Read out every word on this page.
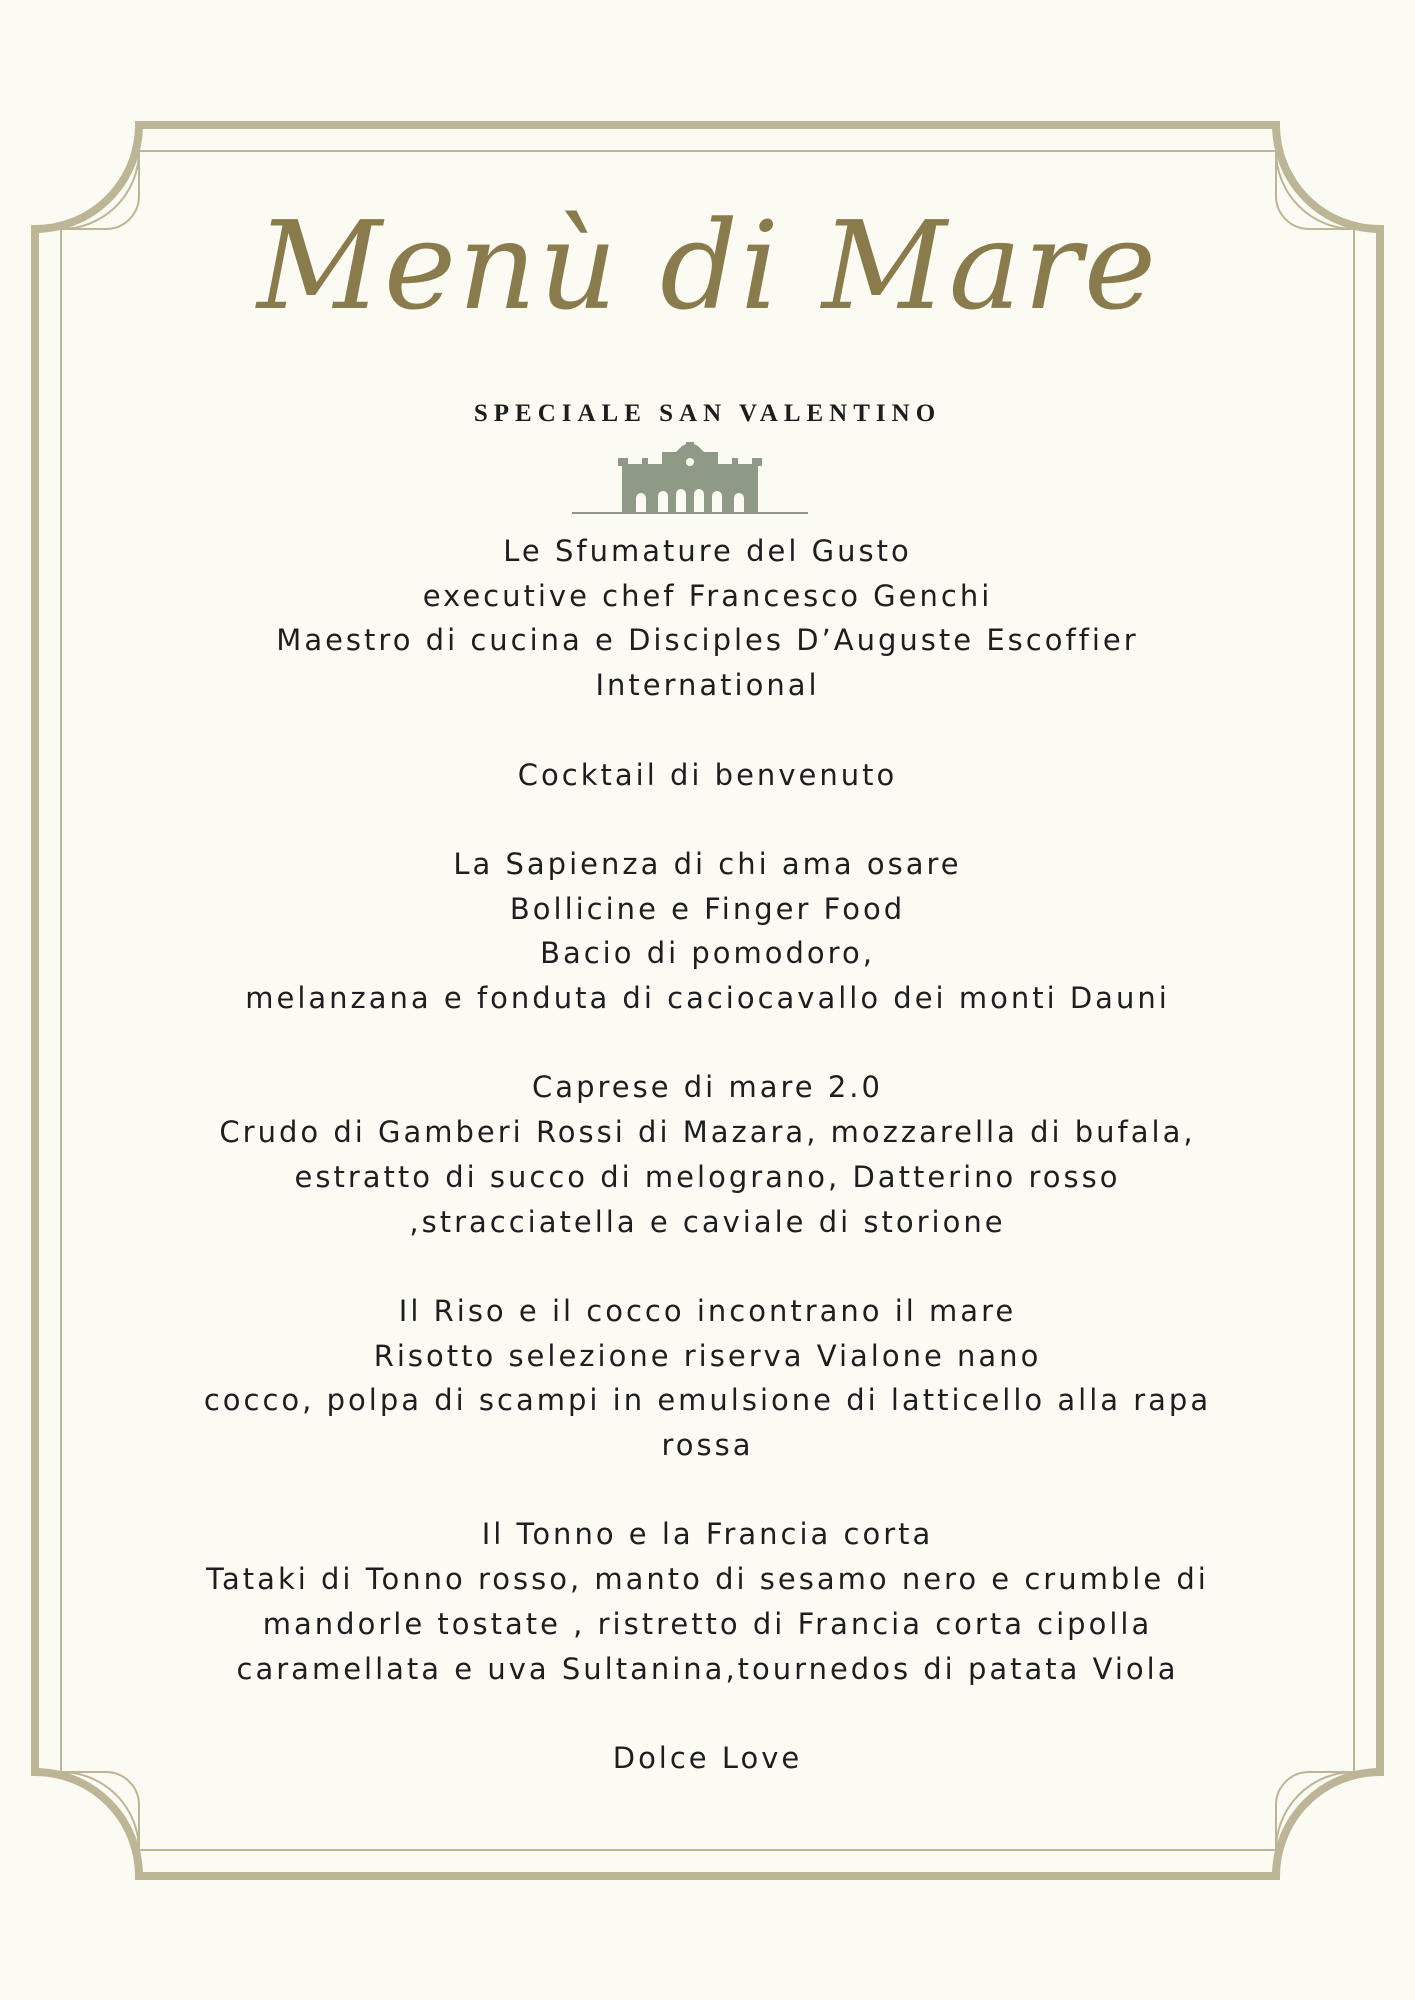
Menù di Mare
SPECIALE SAN VALENTINO
Le Sfumature del Gusto
executive chef Francesco Genchi
Maestro di cucina e Disciples D’Auguste Escoffier
International
Cocktail di benvenuto
La Sapienza di chi ama osare
Bollicine e Finger Food
Bacio di pomodoro,
melanzana e fonduta di caciocavallo dei monti Dauni
Caprese di mare 2.0
Crudo di Gamberi Rossi di Mazara, mozzarella di bufala,
estratto di succo di melograno, Datterino rosso
,stracciatella e caviale di storione
Il Riso e il cocco incontrano il mare
Risotto selezione riserva Vialone nano
cocco, polpa di scampi in emulsione di latticello alla rapa
rossa
Il Tonno e la Francia corta
Tataki di Tonno rosso, manto di sesamo nero e crumble di
mandorle tostate , ristretto di Francia corta cipolla
caramellata e uva Sultanina,tournedos di patata Viola
Dolce Love
